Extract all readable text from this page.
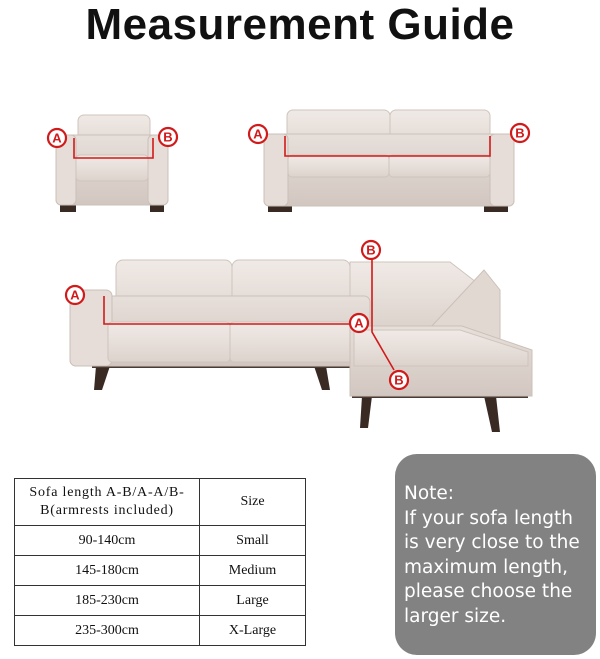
Measurement Guide
A	B	A	B
B
A
A
B
Sofa length A-B/A-A/B-
B(armrests included)	Size
90-140cm	Small
145-180cm	Medium
185-230cm	Large
235-300cm	X-Large
Note:
If your sofa length
is very close to the
maximum length,
please choose the
larger size.
